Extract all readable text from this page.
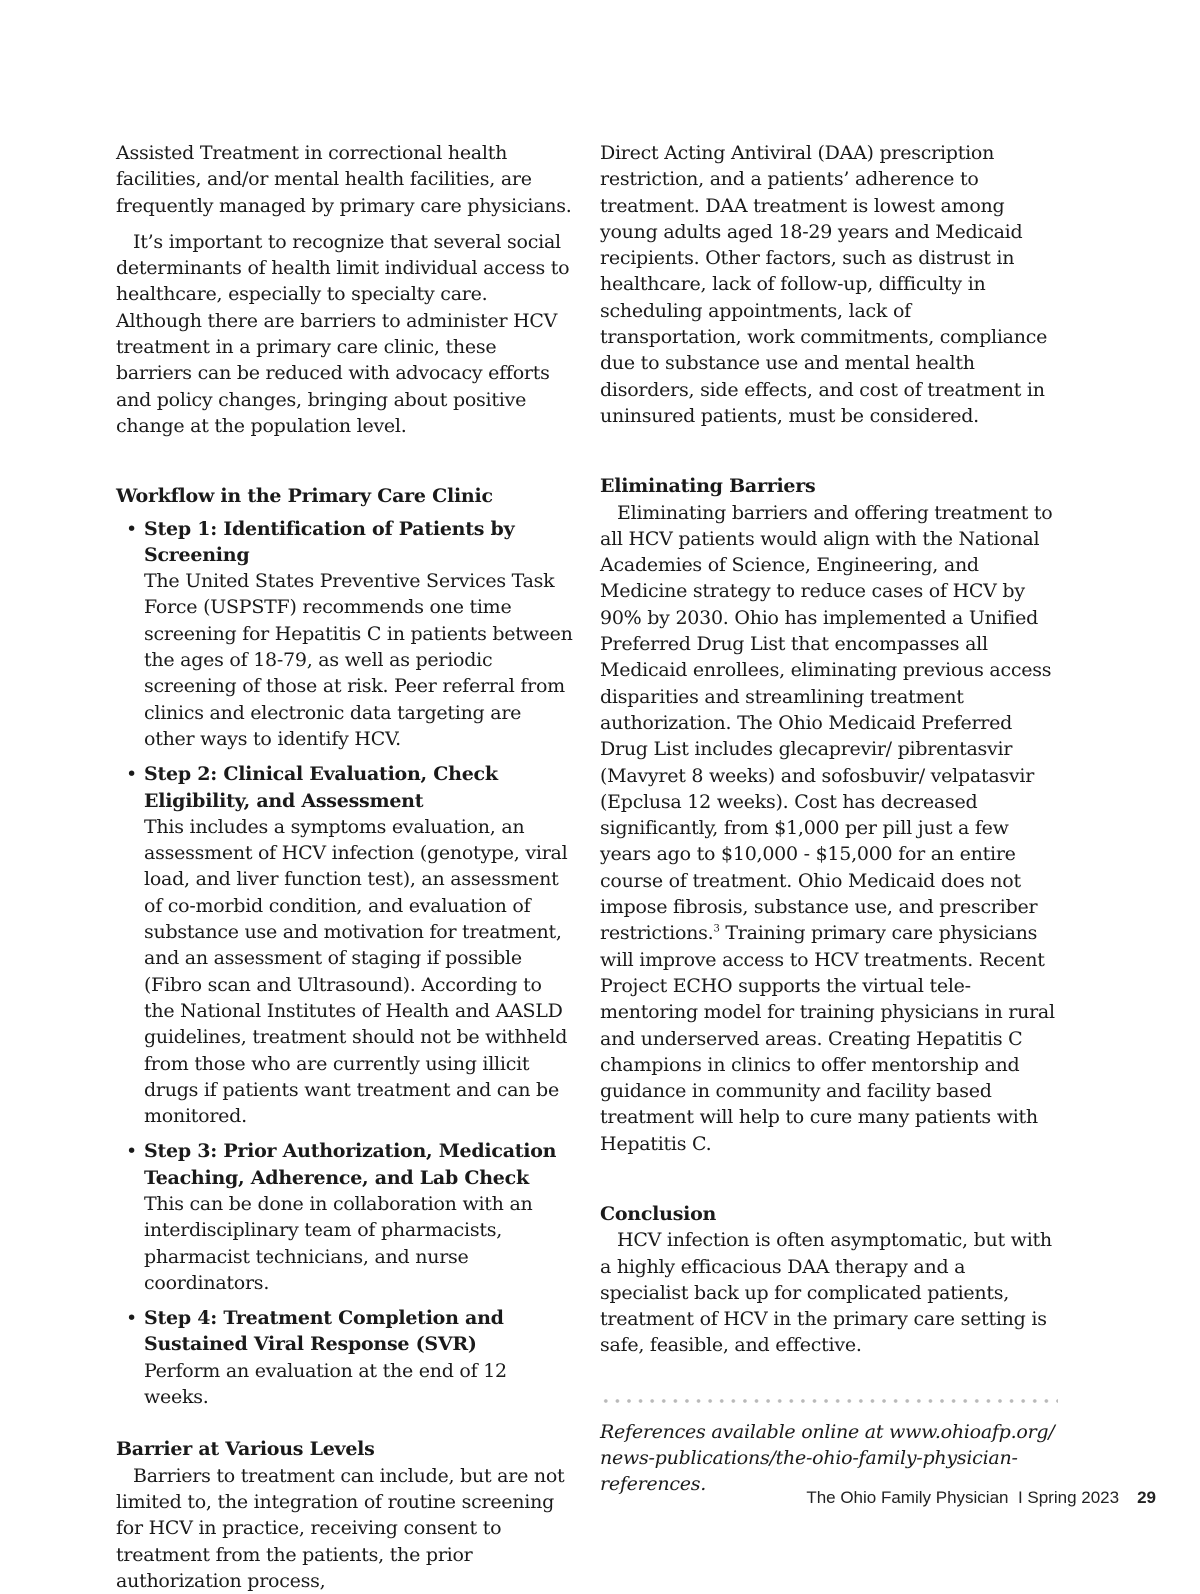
Assisted Treatment in correctional health facilities, and/or mental health facilities, are frequently managed by primary care physicians.

It’s important to recognize that several social determinants of health limit individual access to healthcare, especially to specialty care. Although there are barriers to administer HCV treatment in a primary care clinic, these barriers can be reduced with advocacy efforts and policy changes, bringing about positive change at the population level.

Workflow in the Primary Care Clinic
• Step 1: Identification of Patients by Screening
The United States Preventive Services Task Force (USPSTF) recommends one time screening for Hepatitis C in patients between the ages of 18-79, as well as periodic screening of those at risk. Peer referral from clinics and electronic data targeting are other ways to identify HCV.
• Step 2: Clinical Evaluation, Check Eligibility, and Assessment
This includes a symptoms evaluation, an assessment of HCV infection (genotype, viral load, and liver function test), an assessment of co-morbid condition, and evaluation of substance use and motivation for treatment, and an assessment of staging if possible (Fibro scan and Ultrasound). According to the National Institutes of Health and AASLD guidelines, treatment should not be withheld from those who are currently using illicit drugs if patients want treatment and can be monitored.
• Step 3: Prior Authorization, Medication Teaching, Adherence, and Lab Check
This can be done in collaboration with an interdisciplinary team of pharmacists, pharmacist technicians, and nurse coordinators.
• Step 4: Treatment Completion and Sustained Viral Response (SVR)
Perform an evaluation at the end of 12 weeks.
Barrier at Various Levels

Barriers to treatment can include, but are not limited to, the integration of routine screening for HCV in practice, receiving consent to treatment from the patients, the prior authorization process,

Direct Acting Antiviral (DAA) prescription restriction, and a patients’ adherence to treatment. DAA treatment is lowest among young adults aged 18-29 years and Medicaid recipients. Other factors, such as distrust in healthcare, lack of follow-up, difficulty in scheduling appointments, lack of transportation, work commitments, compliance due to substance use and mental health disorders, side effects, and cost of treatment in uninsured patients, must be considered.

Eliminating Barriers

Eliminating barriers and offering treatment to all HCV patients would align with the National Academies of Science, Engineering, and Medicine strategy to reduce cases of HCV by 90% by 2030. Ohio has implemented a Unified Preferred Drug List that encompasses all Medicaid enrollees, eliminating previous access disparities and streamlining treatment authorization. The Ohio Medicaid Preferred Drug List includes glecaprevir/ pibrentasvir (Mavyret 8 weeks) and sofosbuvir/ velpatasvir (Epclusa 12 weeks). Cost has decreased significantly, from $1,000 per pill just a few years ago to $10,000 - $15,000 for an entire course of treatment. Ohio Medicaid does not impose fibrosis, substance use, and prescriber restrictions.$^3$ Training primary care physicians will improve access to HCV treatments. Recent Project ECHO supports the virtual tele-mentoring model for training physicians in rural and underserved areas. Creating Hepatitis C champions in clinics to offer mentorship and guidance in community and facility based treatment will help to cure many patients with Hepatitis C.

Conclusion

HCV infection is often asymptomatic, but with a highly efficacious DAA therapy and a specialist back up for complicated patients, treatment of HCV in the primary care setting is safe, feasible, and effective.

References available online at www.ohioafp.org/ news-publications/the-ohio-family-physician-references.

The Ohio Family Physician  I Spring 2023 29
